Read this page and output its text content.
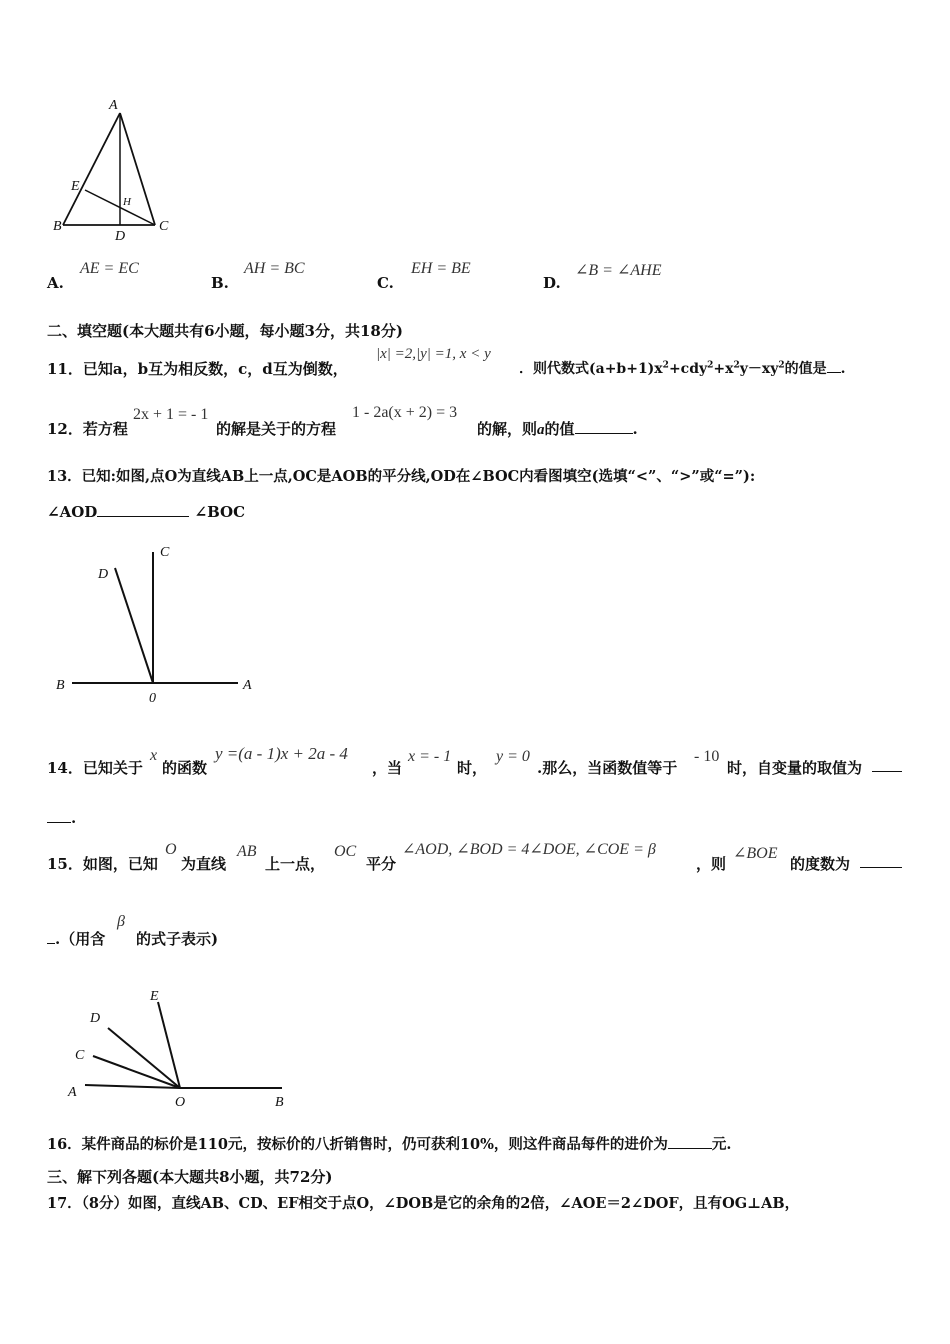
A
E
H
B
D
C
A.
AE = EC
B.
AH = BC
C.
EH = BE
D.
∠B = ∠AHE
二、填空题(本大题共有6小题，每小题3分，共18分)
11．已知a，b互为相反数，c，d互为倒数，
|x| =2,|y| =1, x < y
．则代数式$(a+b+1)x^2+cdy^2+x^2y-xy^2$的值是 .
12．若方程
2x + 1 = - 1
的解是关于的方程
1 - 2a(x + 2) = 3
的解，则a的值	.
13．已知:如图,点O为直线AB上一点,OC是AOB的平分线,OD在∠BOC内看图填空(选填“<”、“>”或“=”):
∠AOD	∠BOC
D
C
B
0
A
14．已知关于
x
的函数
y =(a - 1)x + 2a - 4
，当
x = - 1
时，
y = 0
.那么，当函数值等于
- 10
时，自变量的取值为
.
15．如图，已知
O
为直线
AB
上一点，
OC
平分
∠AOD, ∠BOD = 4∠DOE, ∠COE = β
，则
∠BOE
的度数为
.（用含
β
的式子表示)
E
D
C
A
O	B
16．某件商品的标价是110元，按标价的八折销售时，仍可获利10%，则这件商品每件的进价为	元.
三、解下列各题(本大题共8小题，共72分)
17．（8分）如图，直线AB、CD、EF相交于点O，∠DOB是它的余角的2倍，∠AOE＝2∠DOF，且有OG⊥AB，
